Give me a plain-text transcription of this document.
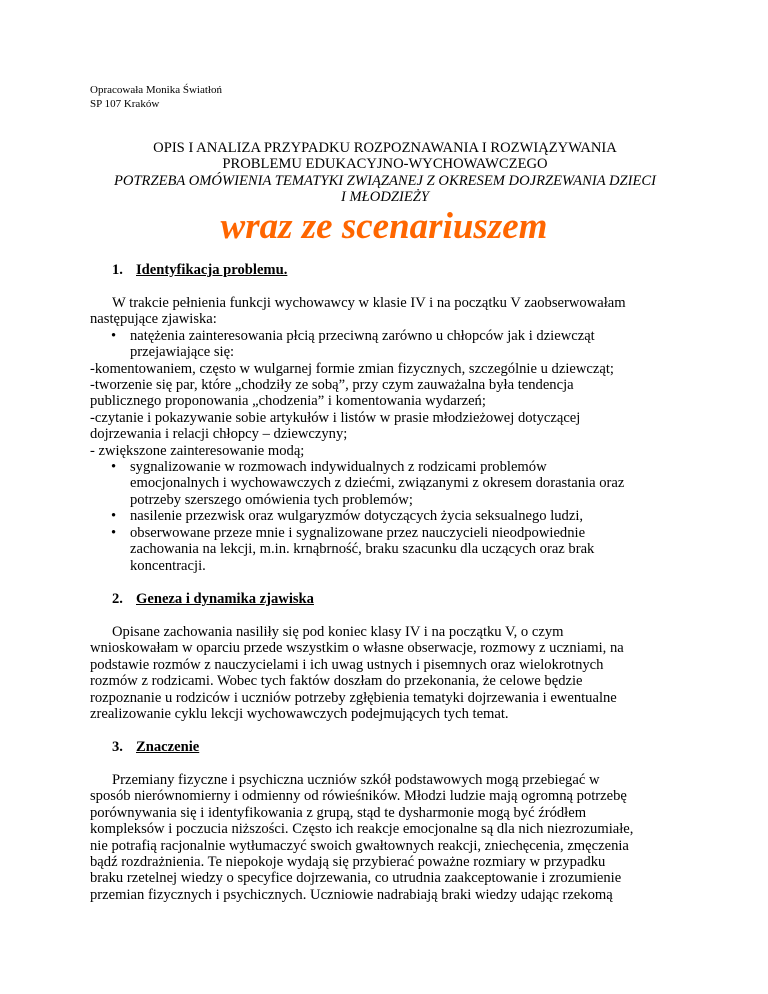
Opracowała Monika Światłoń
SP 107 Kraków
OPIS I ANALIZA PRZYPADKU ROZPOZNAWANIA I ROZWIĄZYWANIA
PROBLEMU EDUKACYJNO-WYCHOWAWCZEGO
POTRZEBA OMÓWIENIA TEMATYKI ZWIĄZANEJ Z OKRESEM DOJRZEWANIA DZIECI
I MŁODZIEŻY
wraz ze scenariuszem
1. Identyfikacja problemu.
W trakcie pełnienia funkcji wychowawcy w klasie IV i na początku V zaobserwowałam
następujące zjawiska:
• natężenia zainteresowania płcią przeciwną zarówno u chłopców jak i dziewcząt
przejawiające się:
-komentowaniem, często w wulgarnej formie zmian fizycznych, szczególnie u dziewcząt;
-tworzenie się par, które „chodziły ze sobą”, przy czym zauważalna była tendencja
publicznego proponowania „chodzenia” i komentowania wydarzeń;
-czytanie i pokazywanie sobie artykułów i listów w prasie młodzieżowej dotyczącej
dojrzewania i relacji chłopcy – dziewczyny;
- zwiększone zainteresowanie modą;
• sygnalizowanie w rozmowach indywidualnych z rodzicami problemów
emocjonalnych i wychowawczych z dziećmi, związanymi z okresem dorastania oraz
potrzeby szerszego omówienia tych problemów;
• nasilenie przezwisk oraz wulgaryzmów dotyczących życia seksualnego ludzi,
• obserwowane przeze mnie i sygnalizowane przez nauczycieli nieodpowiednie
zachowania na lekcji, m.in. krnąbrność, braku szacunku dla uczących oraz brak
koncentracji.
2. Geneza i dynamika zjawiska
Opisane zachowania nasiliły się pod koniec klasy IV i na początku V, o czym
wnioskowałam w oparciu przede wszystkim o własne obserwacje, rozmowy z uczniami, na
podstawie rozmów z nauczycielami i ich uwag ustnych i pisemnych oraz wielokrotnych
rozmów z rodzicami. Wobec tych faktów doszłam do przekonania, że celowe będzie
rozpoznanie u rodziców i uczniów potrzeby zgłębienia tematyki dojrzewania i ewentualne
zrealizowanie cyklu lekcji wychowawczych podejmujących tych temat.
3. Znaczenie
Przemiany fizyczne i psychiczna uczniów szkół podstawowych mogą przebiegać w
sposób nierównomierny i odmienny od rówieśników. Młodzi ludzie mają ogromną potrzebę
porównywania się i identyfikowania z grupą, stąd te dysharmonie mogą być źródłem
kompleksów i poczucia niższości. Często ich reakcje emocjonalne są dla nich niezrozumiałe,
nie potrafią racjonalnie wytłumaczyć swoich gwałtownych reakcji, zniechęcenia, zmęczenia
bądź rozdrażnienia. Te niepokoje wydają się przybierać poważne rozmiary w przypadku
braku rzetelnej wiedzy o specyfice dojrzewania, co utrudnia zaakceptowanie i zrozumienie
przemian fizycznych i psychicznych. Uczniowie nadrabiają braki wiedzy udając rzekomą
